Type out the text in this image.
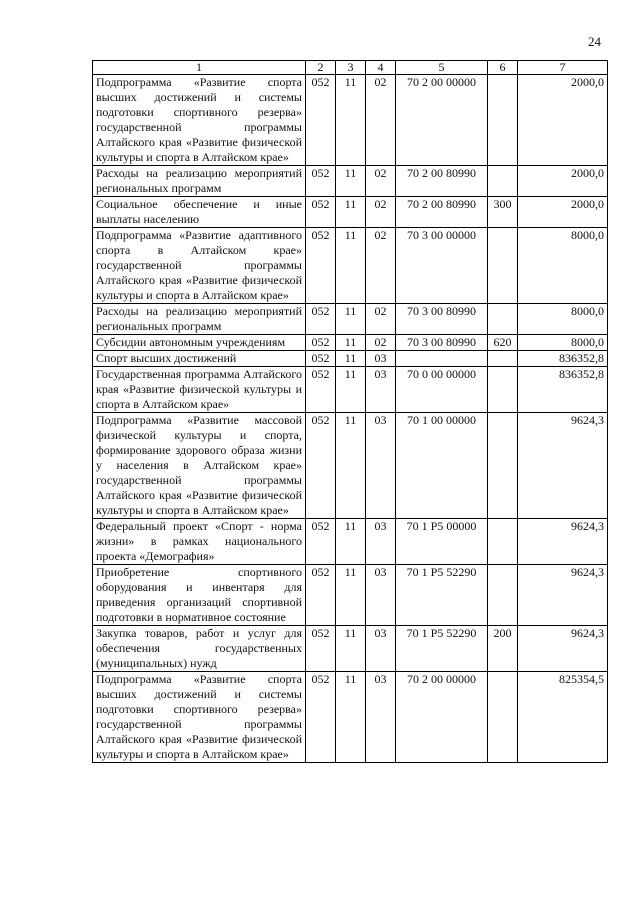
24
1	2	3	4	5	6	7
Подпрограмма «Развитие спорта высших достижений и системы подготовки спортивного резерва» государственной программы Алтайского края «Развитие физической культуры и спорта в Алтайском крае»	052	11	02	70 2 00 00000		2000,0
Расходы на реализацию мероприятий региональных программ	052	11	02	70 2 00 80990		2000,0
Социальное обеспечение и иные выплаты населению	052	11	02	70 2 00 80990	300	2000,0
Подпрограмма «Развитие адаптивного спорта в Алтайском крае» государственной программы Алтайского края «Развитие физической культуры и спорта в Алтайском крае»	052	11	02	70 3 00 00000		8000,0
Расходы на реализацию мероприятий региональных программ	052	11	02	70 3 00 80990		8000,0
Субсидии автономным учреждениям	052	11	02	70 3 00 80990	620	8000,0
Спорт высших достижений	052	11	03			836352,8
Государственная программа Алтайского края «Развитие физической культуры и спорта в Алтайском крае»	052	11	03	70 0 00 00000		836352,8
Подпрограмма «Развитие массовой физической культуры и спорта, формирование здорового образа жизни у населения в Алтайском крае» государственной программы Алтайского края «Развитие физической культуры и спорта в Алтайском крае»	052	11	03	70 1 00 00000		9624,3
Федеральный проект «Спорт - норма жизни» в рамках национального проекта «Демография»	052	11	03	70 1 P5 00000		9624,3
Приобретение спортивного оборудования и инвентаря для приведения организаций спортивной подготовки в нормативное состояние	052	11	03	70 1 P5 52290		9624,3
Закупка товаров, работ и услуг для обеспечения государственных (муниципальных) нужд	052	11	03	70 1 P5 52290	200	9624,3
Подпрограмма «Развитие спорта высших достижений и системы подготовки спортивного резерва» государственной программы Алтайского края «Развитие физической культуры и спорта в Алтайском крае»	052	11	03	70 2 00 00000		825354,5
